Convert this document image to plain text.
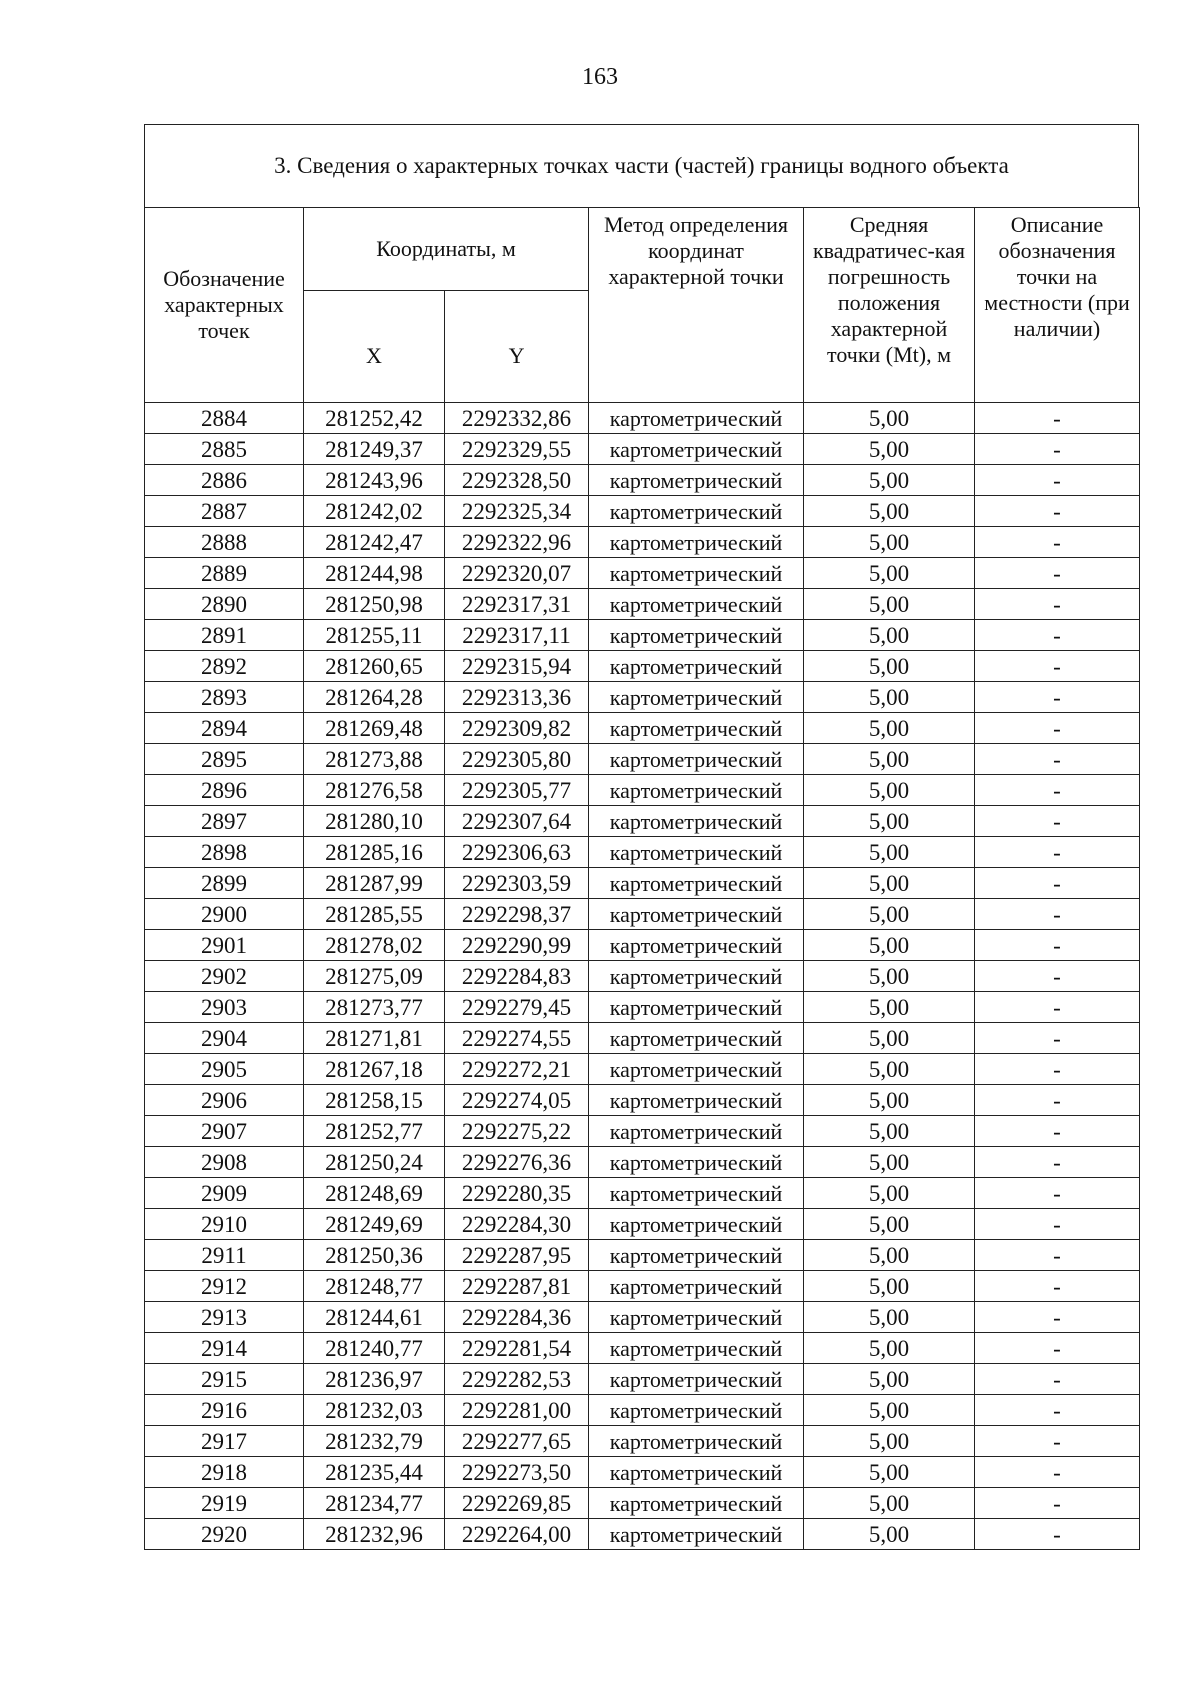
163
3. Сведения о характерных точках части (частей) границы водного объекта
Обозначение характерных точек	Координаты, м		Метод определения координат характерной точки	Средняя квадратичес-кая погрешность положения характерной точки (Mt), м	Описание обозначения точки на местности (при наличии)
	X	Y			
2884	281252,42	2292332,86	картометрический	5,00	-
2885	281249,37	2292329,55	картометрический	5,00	-
2886	281243,96	2292328,50	картометрический	5,00	-
2887	281242,02	2292325,34	картометрический	5,00	-
2888	281242,47	2292322,96	картометрический	5,00	-
2889	281244,98	2292320,07	картометрический	5,00	-
2890	281250,98	2292317,31	картометрический	5,00	-
2891	281255,11	2292317,11	картометрический	5,00	-
2892	281260,65	2292315,94	картометрический	5,00	-
2893	281264,28	2292313,36	картометрический	5,00	-
2894	281269,48	2292309,82	картометрический	5,00	-
2895	281273,88	2292305,80	картометрический	5,00	-
2896	281276,58	2292305,77	картометрический	5,00	-
2897	281280,10	2292307,64	картометрический	5,00	-
2898	281285,16	2292306,63	картометрический	5,00	-
2899	281287,99	2292303,59	картометрический	5,00	-
2900	281285,55	2292298,37	картометрический	5,00	-
2901	281278,02	2292290,99	картометрический	5,00	-
2902	281275,09	2292284,83	картометрический	5,00	-
2903	281273,77	2292279,45	картометрический	5,00	-
2904	281271,81	2292274,55	картометрический	5,00	-
2905	281267,18	2292272,21	картометрический	5,00	-
2906	281258,15	2292274,05	картометрический	5,00	-
2907	281252,77	2292275,22	картометрический	5,00	-
2908	281250,24	2292276,36	картометрический	5,00	-
2909	281248,69	2292280,35	картометрический	5,00	-
2910	281249,69	2292284,30	картометрический	5,00	-
2911	281250,36	2292287,95	картометрический	5,00	-
2912	281248,77	2292287,81	картометрический	5,00	-
2913	281244,61	2292284,36	картометрический	5,00	-
2914	281240,77	2292281,54	картометрический	5,00	-
2915	281236,97	2292282,53	картометрический	5,00	-
2916	281232,03	2292281,00	картометрический	5,00	-
2917	281232,79	2292277,65	картометрический	5,00	-
2918	281235,44	2292273,50	картометрический	5,00	-
2919	281234,77	2292269,85	картометрический	5,00	-
2920	281232,96	2292264,00	картометрический	5,00	-
